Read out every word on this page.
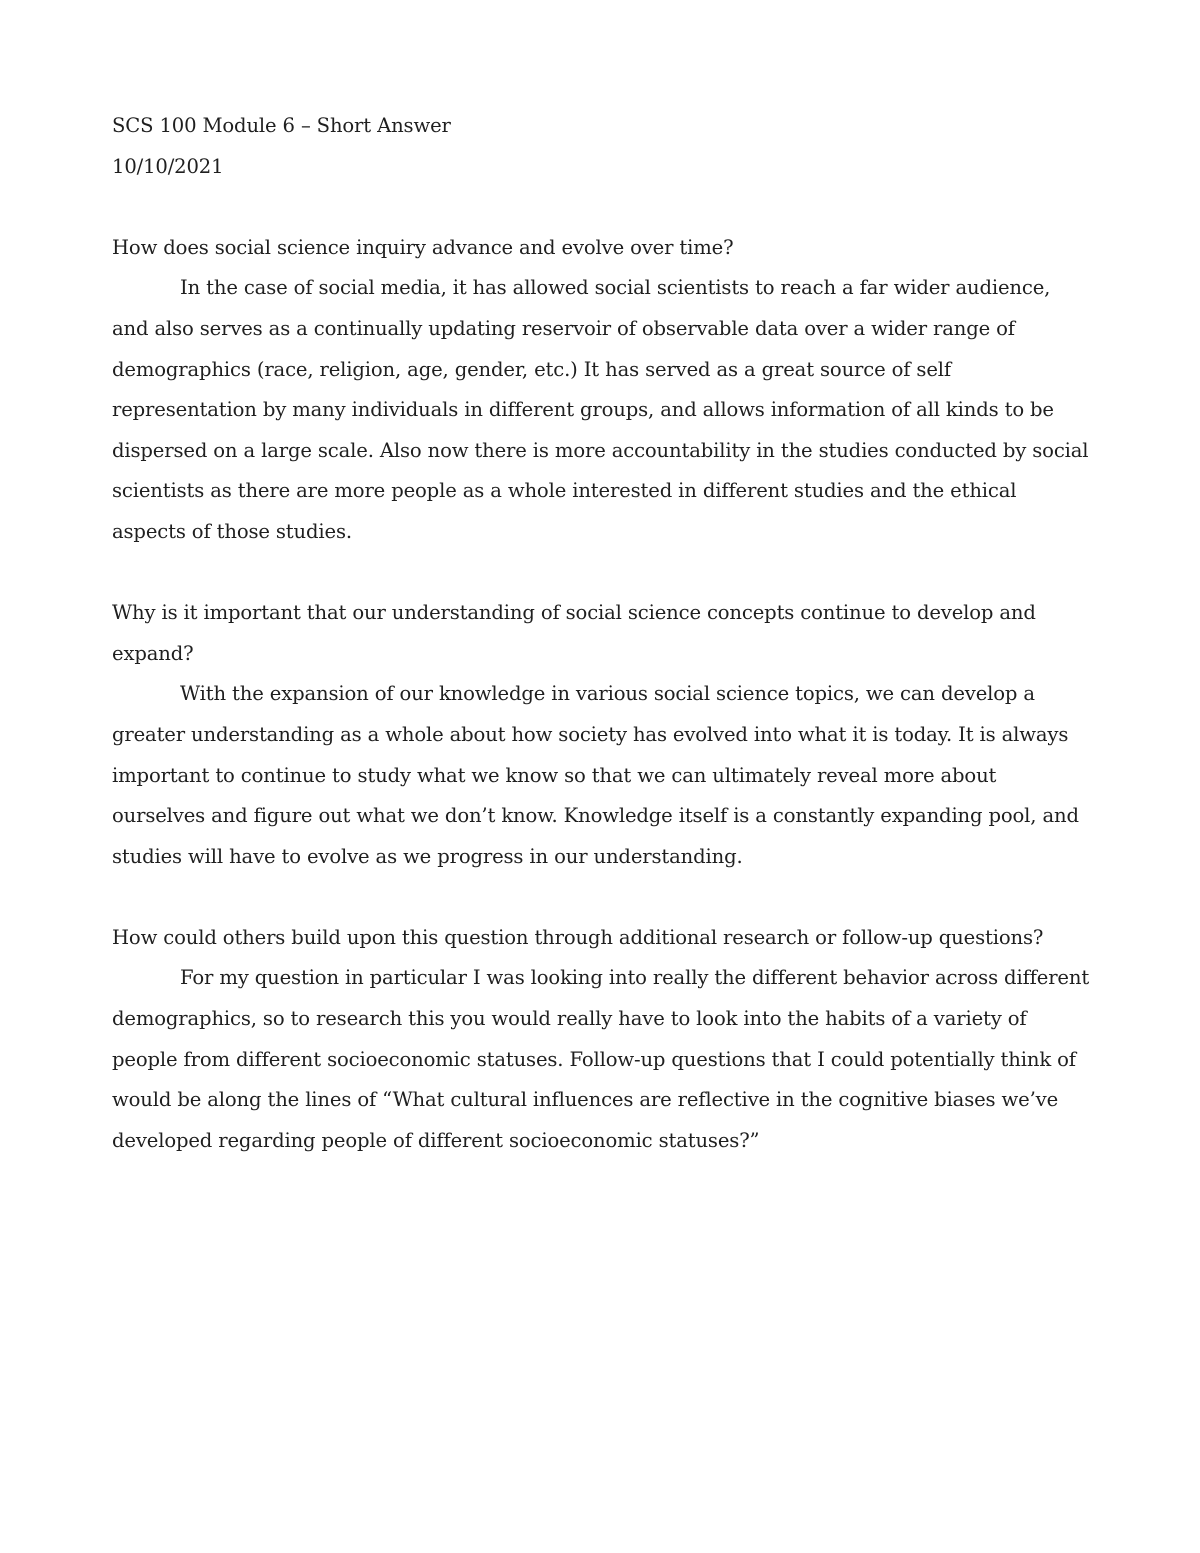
SCS 100 Module 6 – Short Answer
10/10/2021
How does social science inquiry advance and evolve over time?

In the case of social media, it has allowed social scientists to reach a far wider audience, and also serves as a continually updating reservoir of observable data over a wider range of demographics (race, religion, age, gender, etc.) It has served as a great source of self representation by many individuals in different groups, and allows information of all kinds to be dispersed on a large scale. Also now there is more accountability in the studies conducted by social scientists as there are more people as a whole interested in different studies and the ethical aspects of those studies.

Why is it important that our understanding of social science concepts continue to develop and expand?

With the expansion of our knowledge in various social science topics, we can develop a greater understanding as a whole about how society has evolved into what it is today. It is always important to continue to study what we know so that we can ultimately reveal more about ourselves and figure out what we don’t know. Knowledge itself is a constantly expanding pool, and studies will have to evolve as we progress in our understanding.

How could others build upon this question through additional research or follow-up questions?

For my question in particular I was looking into really the different behavior across different demographics, so to research this you would really have to look into the habits of a variety of people from different socioeconomic statuses. Follow-up questions that I could potentially think of would be along the lines of “What cultural influences are reflective in the cognitive biases we’ve developed regarding people of different socioeconomic statuses?”
